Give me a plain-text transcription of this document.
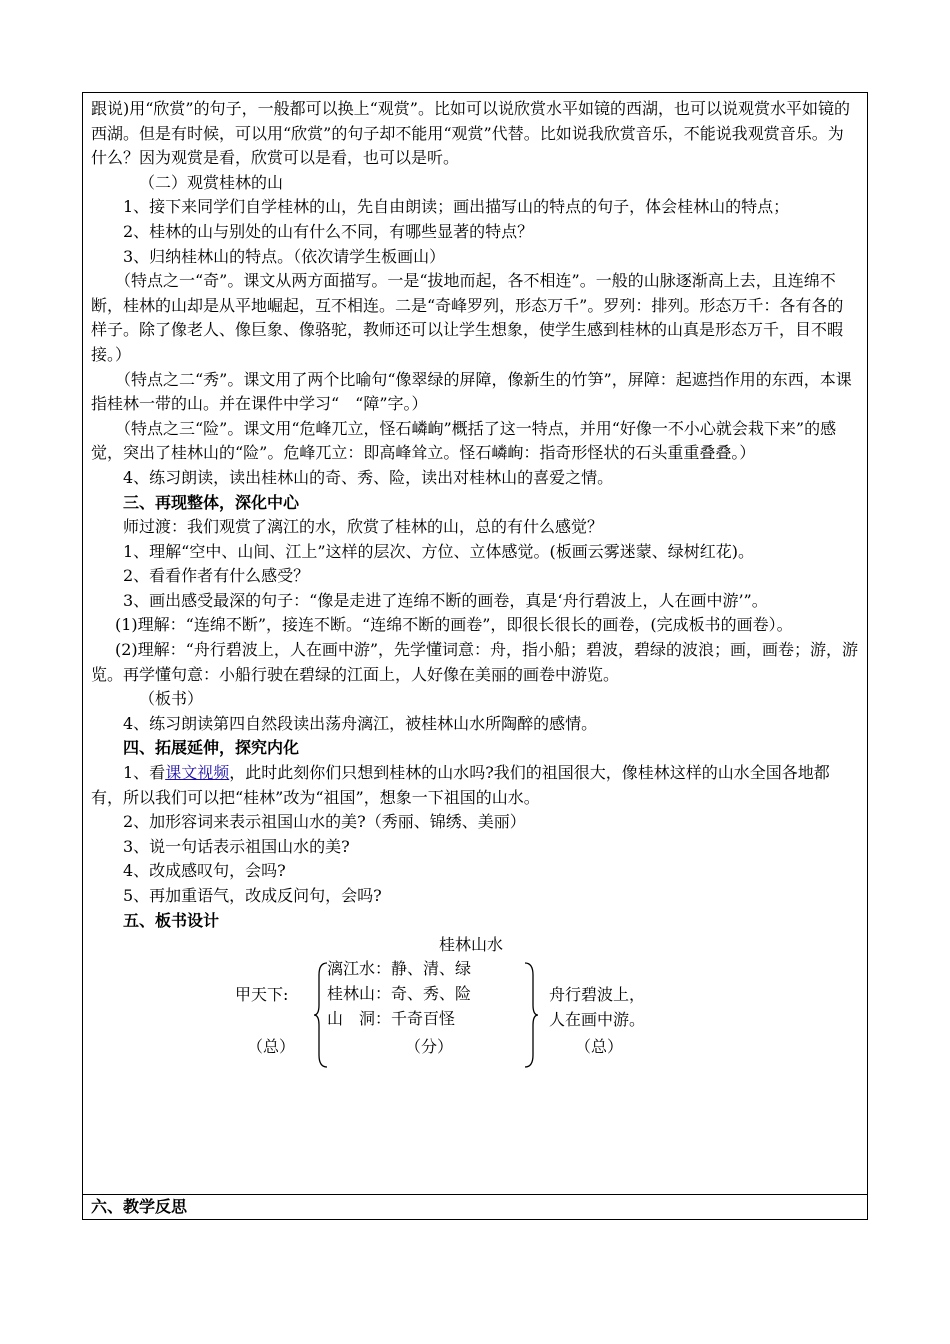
跟说)用“欣赏”的句子，一般都可以换上“观赏”。比如可以说欣赏水平如镜的西湖，也可以说观赏水平如镜的西湖。但是有时候，可以用“欣赏”的句子却不能用“观赏”代替。比如说我欣赏音乐，不能说我观赏音乐。为什么？因为观赏是看，欣赏可以是看，也可以是听。

（二）观赏桂林的山

1、接下来同学们自学桂林的山，先自由朗读；画出描写山的特点的句子，体会桂林山的特点；

2、桂林的山与别处的山有什么不同，有哪些显著的特点？

3、归纳桂林山的特点。（依次请学生板画山）

（特点之一“奇”。课文从两方面描写。一是“拔地而起，各不相连”。一般的山脉逐渐高上去，且连绵不断，桂林的山却是从平地崛起，互不相连。二是“奇峰罗列，形态万千”。罗列：排列。形态万千：各有各的样子。除了像老人、像巨象、像骆驼，教师还可以让学生想象，使学生感到桂林的山真是形态万千，目不暇接。）

（特点之二“秀”。课文用了两个比喻句“像翠绿的屏障，像新生的竹笋”，屏障：起遮挡作用的东西，本课指桂林一带的山。并在课件中学习“　“障”字。）

（特点之三“险”。课文用“危峰兀立，怪石嶙峋”概括了这一特点，并用“好像一不小心就会栽下来”的感觉，突出了桂林山的“险”。危峰兀立：即高峰耸立。怪石嶙峋：指奇形怪状的石头重重叠叠。）

4、练习朗读，读出桂林山的奇、秀、险，读出对桂林山的喜爱之情。

三、再现整体，深化中心

师过渡：我们观赏了漓江的水，欣赏了桂林的山，总的有什么感觉？

1、理解“空中、山间、江上”这样的层次、方位、立体感觉。(板画云雾迷蒙、绿树红花)。

2、看看作者有什么感受？

3、画出感受最深的句子：“像是走进了连绵不断的画卷，真是‘舟行碧波上，人在画中游’”。

(1)理解：“连绵不断”，接连不断。“连绵不断的画卷”，即很长很长的画卷，(完成板书的画卷）。

(2)理解：“舟行碧波上，人在画中游”，先学懂词意：舟，指小船；碧波，碧绿的波浪；画，画卷；游，游览。再学懂句意：小船行驶在碧绿的江面上，人好像在美丽的画卷中游览。

（板书）

4、练习朗读第四自然段读出荡舟漓江，被桂林山水所陶醉的感情。

四、拓展延伸，探究内化

1、看课文视频，此时此刻你们只想到桂林的山水吗?我们的祖国很大，像桂林这样的山水全国各地都有，所以我们可以把“桂林”改为“祖国”，想象一下祖国的山水。

2、加形容词来表示祖国山水的美?（秀丽、锦绣、美丽）

3、说一句话表示祖国山水的美?

4、改成感叹句，会吗?

5、再加重语气，改成反问句，会吗?

五、板书设计

桂林山水
甲天下:
（总）
漓江水：静、清、绿
桂林山：奇、秀、险
山　洞：千奇百怪
（分）
舟行碧波上，
人在画中游。
（总）
六、教学反思
